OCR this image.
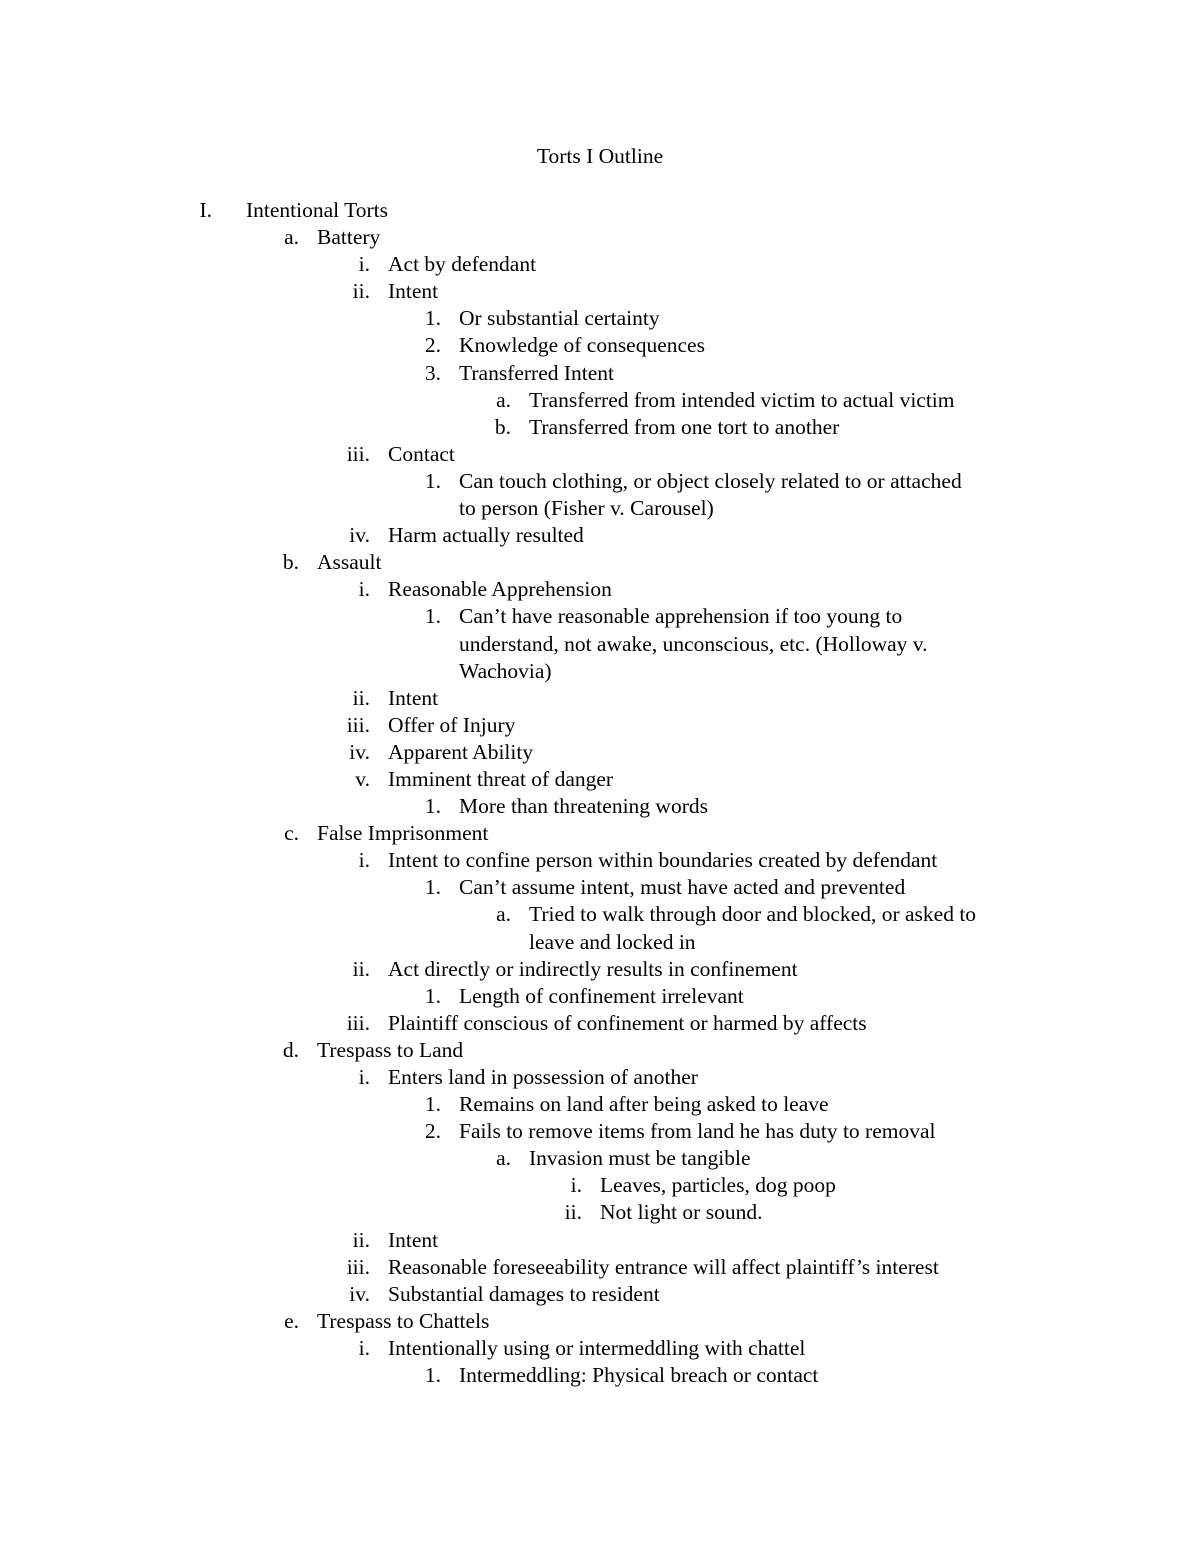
Torts I Outline
I. Intentional Torts
a. Battery
i. Act by defendant
ii. Intent
1. Or substantial certainty
2. Knowledge of consequences
3. Transferred Intent
a. Transferred from intended victim to actual victim
b. Transferred from one tort to another
iii. Contact
1. Can touch clothing, or object closely related to or attached
to person (Fisher v. Carousel)
iv. Harm actually resulted
b. Assault
i. Reasonable Apprehension
1. Can’t have reasonable apprehension if too young to
understand, not awake, unconscious, etc. (Holloway v.
Wachovia)
ii. Intent
iii. Offer of Injury
iv. Apparent Ability
v. Imminent threat of danger
1. More than threatening words
c. False Imprisonment
i. Intent to confine person within boundaries created by defendant
1. Can’t assume intent, must have acted and prevented
a. Tried to walk through door and blocked, or asked to
leave and locked in
ii. Act directly or indirectly results in confinement
1. Length of confinement irrelevant
iii. Plaintiff conscious of confinement or harmed by affects
d. Trespass to Land
i. Enters land in possession of another
1. Remains on land after being asked to leave
2. Fails to remove items from land he has duty to removal
a. Invasion must be tangible
i. Leaves, particles, dog poop
ii. Not light or sound.
ii. Intent
iii. Reasonable foreseeability entrance will affect plaintiff’s interest
iv. Substantial damages to resident
e. Trespass to Chattels
i. Intentionally using or intermeddling with chattel
1. Intermeddling: Physical breach or contact
